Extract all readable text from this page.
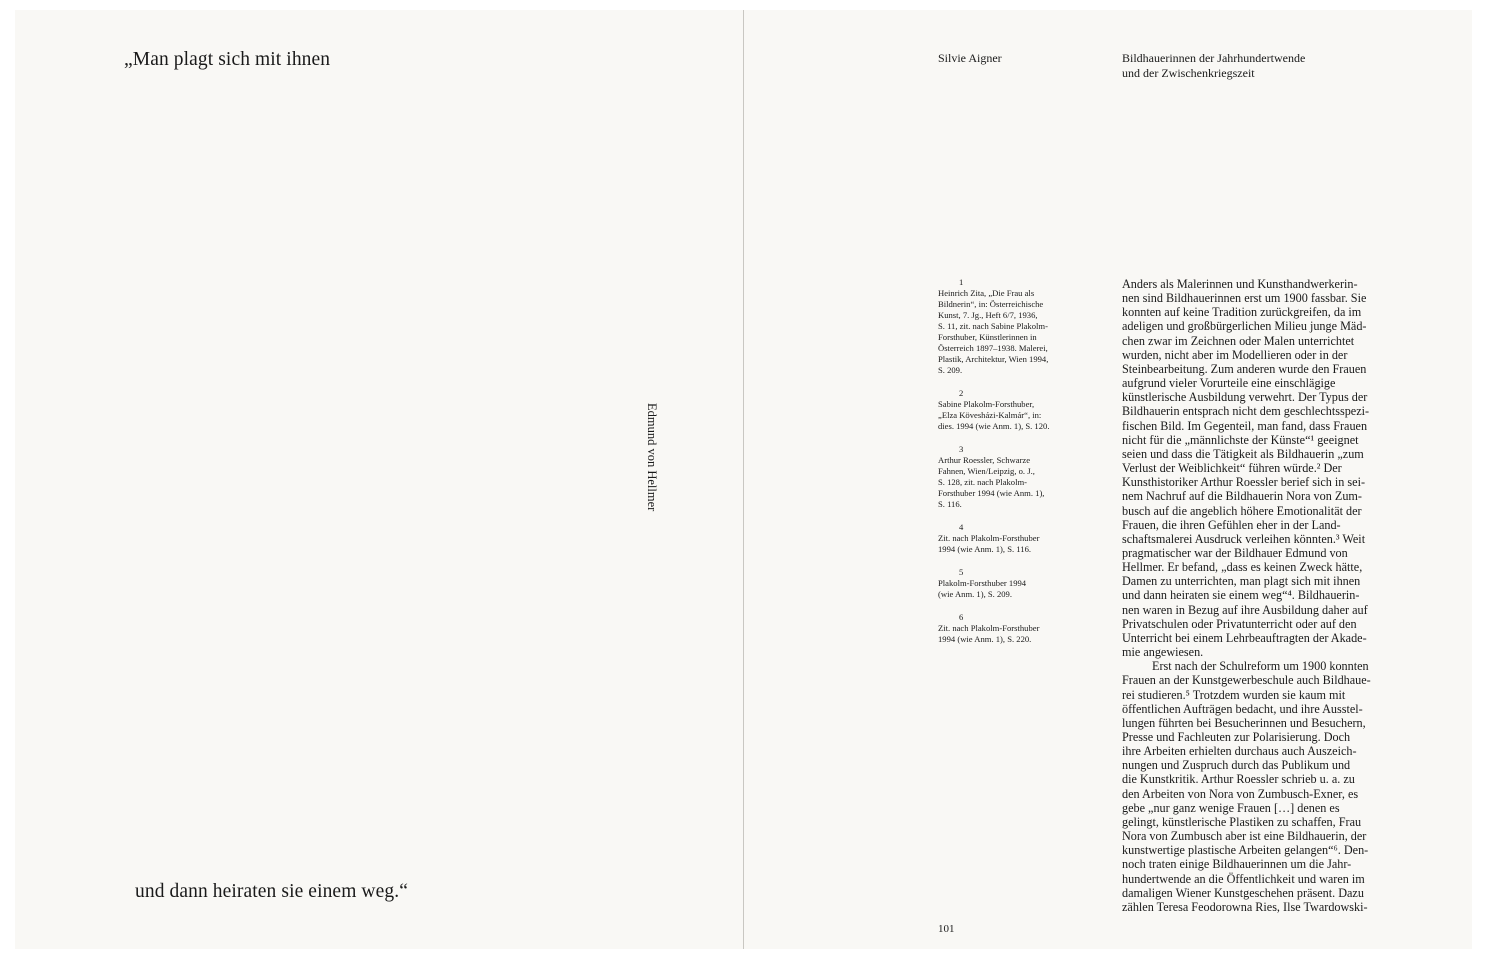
„Man plagt sich mit ihnen
Edmund von Hellmer
und dann heiraten sie einem weg.“
Silvie Aigner	Bildhauerinnen der Jahrhundertwende
und der Zwischenkriegszeit
1
Heinrich Zita, „Die Frau als
Bildnerin“, in: Österreichische
Kunst, 7. Jg., Heft 6/7, 1936,
S. 11, zit. nach Sabine Plakolm-
Forsthuber, Künstlerinnen in
Österreich 1897–1938. Malerei,
Plastik, Architektur, Wien 1994,
S. 209.
2
Sabine Plakolm-Forsthuber,
„Elza Kövesházi-Kalmár“, in:
dies. 1994 (wie Anm. 1), S. 120.
3
Arthur Roessler, Schwarze
Fahnen, Wien/Leipzig, o. J.,
S. 128, zit. nach Plakolm-
Forsthuber 1994 (wie Anm. 1),
S. 116.
4
Zit. nach Plakolm-Forsthuber
1994 (wie Anm. 1), S. 116.
5
Plakolm-Forsthuber 1994
(wie Anm. 1), S. 209.
6
Zit. nach Plakolm-Forsthuber
1994 (wie Anm. 1), S. 220.
Anders als Malerinnen und Kunsthandwerkerin-
nen sind Bildhauerinnen erst um 1900 fassbar. Sie
konnten auf keine Tradition zurückgreifen, da im
adeligen und großbürgerlichen Milieu junge Mäd-
chen zwar im Zeichnen oder Malen unterrichtet
wurden, nicht aber im Modellieren oder in der
Steinbearbeitung. Zum anderen wurde den Frauen
aufgrund vieler Vorurteile eine einschlägige
künstlerische Ausbildung verwehrt. Der Typus der
Bildhauerin entsprach nicht dem geschlechtsspezi-
fischen Bild. Im Gegenteil, man fand, dass Frauen
nicht für die „männlichste der Künste“¹ geeignet
seien und dass die Tätigkeit als Bildhauerin „zum
Verlust der Weiblichkeit“ führen würde.² Der
Kunsthistoriker Arthur Roessler berief sich in sei-
nem Nachruf auf die Bildhauerin Nora von Zum-
busch auf die angeblich höhere Emotionalität der
Frauen, die ihren Gefühlen eher in der Land-
schaftsmalerei Ausdruck verleihen könnten.³ Weit
pragmatischer war der Bildhauer Edmund von
Hellmer. Er befand, „dass es keinen Zweck hätte,
Damen zu unterrichten, man plagt sich mit ihnen
und dann heiraten sie einem weg“⁴. Bildhauerin-
nen waren in Bezug auf ihre Ausbildung daher auf
Privatschulen oder Privatunterricht oder auf den
Unterricht bei einem Lehrbeauftragten der Akade-
mie angewiesen.
Erst nach der Schulreform um 1900 konnten
Frauen an der Kunstgewerbeschule auch Bildhaue-
rei studieren.⁵ Trotzdem wurden sie kaum mit
öffentlichen Aufträgen bedacht, und ihre Ausstel-
lungen führten bei Besucherinnen und Besuchern,
Presse und Fachleuten zur Polarisierung. Doch
ihre Arbeiten erhielten durchaus auch Auszeich-
nungen und Zuspruch durch das Publikum und
die Kunstkritik. Arthur Roessler schrieb u. a. zu
den Arbeiten von Nora von Zumbusch-Exner, es
gebe „nur ganz wenige Frauen […] denen es
gelingt, künstlerische Plastiken zu schaffen, Frau
Nora von Zumbusch aber ist eine Bildhauerin, der
kunstwertige plastische Arbeiten gelangen“⁶. Den-
noch traten einige Bildhauerinnen um die Jahr-
hundertwende an die Öffentlichkeit und waren im
damaligen Wiener Kunstgeschehen präsent. Dazu
zählen Teresa Feodorowna Ries, Ilse Twardowski-
101
